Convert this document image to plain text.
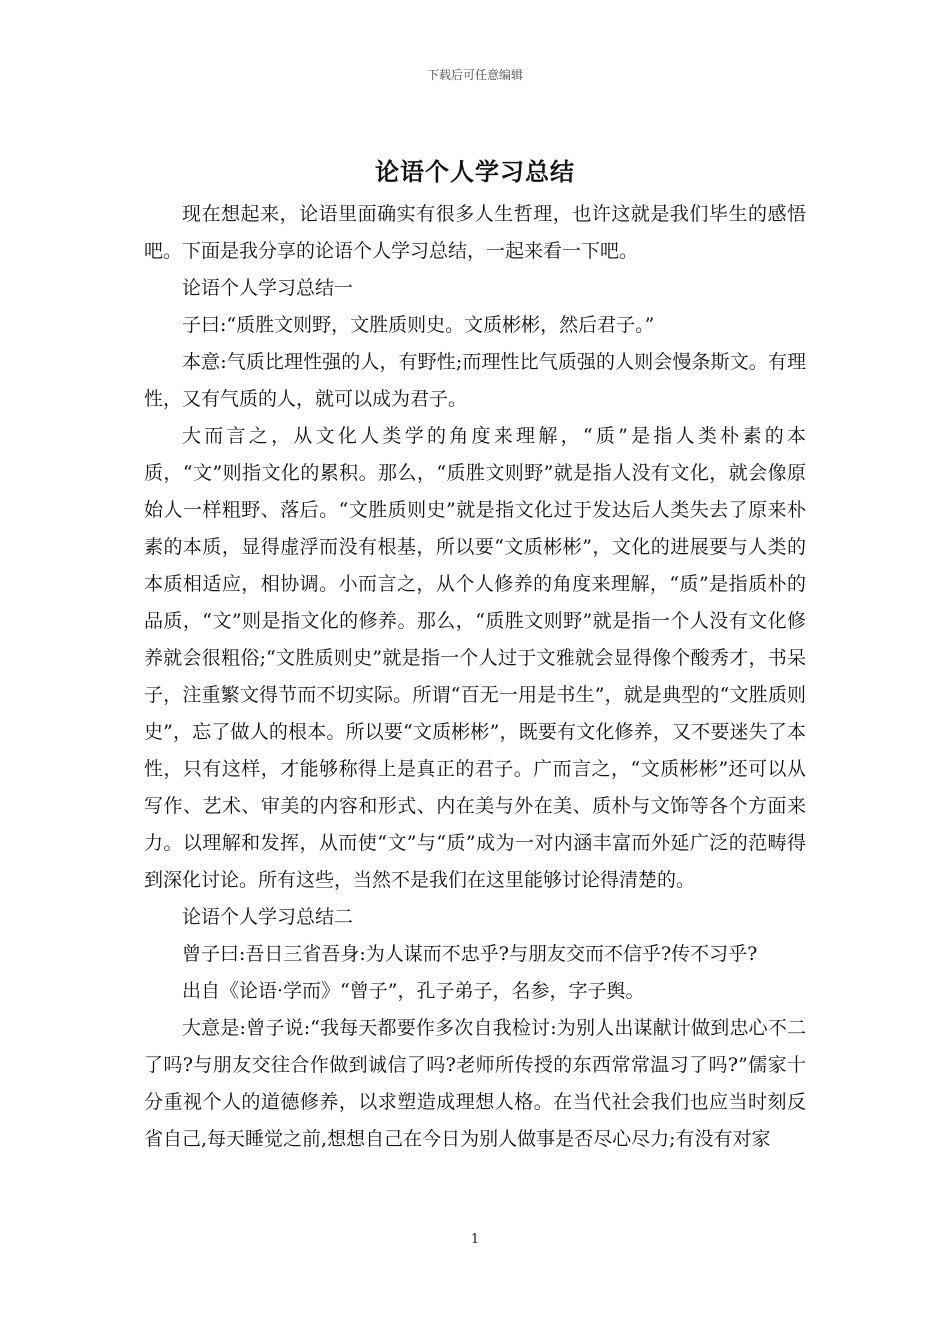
下载后可任意编辑
论语个人学习总结

现在想起来，论语里面确实有很多人生哲理，也许这就是我们毕生的感悟吧。下面是我分享的论语个人学习总结，一起来看一下吧。

论语个人学习总结一

子曰:“质胜文则野，文胜质则史。文质彬彬，然后君子。”

本意:气质比理性强的人，有野性;而理性比气质强的人则会慢条斯文。有理性，又有气质的人，就可以成为君子。

大而言之，从文化人类学的角度来理解，“质”是指人类朴素的本质，“文”则指文化的累积。那么，“质胜文则野”就是指人没有文化，就会像原始人一样粗野、落后。“文胜质则史”就是指文化过于发达后人类失去了原来朴素的本质，显得虚浮而没有根基，所以要“文质彬彬”，文化的进展要与人类的本质相适应，相协调。小而言之，从个人修养的角度来理解，“质”是指质朴的品质，“文”则是指文化的修养。那么，“质胜文则野”就是指一个人没有文化修养就会很粗俗;“文胜质则史”就是指一个人过于文雅就会显得像个酸秀才，书呆子，注重繁文得节而不切实际。所谓“百无一用是书生”，就是典型的“文胜质则史”，忘了做人的根本。所以要“文质彬彬”，既要有文化修养，又不要迷失了本性，只有这样，才能够称得上是真正的君子。广而言之，“文质彬彬”还可以从写作、艺术、审美的内容和形式、内在美与外在美、质朴与文饰等各个方面来力。以理解和发挥，从而使“文”与“质”成为一对内涵丰富而外延广泛的范畴得到深化讨论。所有这些，当然不是我们在这里能够讨论得清楚的。

论语个人学习总结二

曾子曰:吾日三省吾身:为人谋而不忠乎?与朋友交而不信乎?传不习乎?

出自《论语·学而》“曾子”，孔子弟子，名参，字子舆。

大意是:曾子说:“我每天都要作多次自我检讨:为别人出谋献计做到忠心不二了吗?与朋友交往合作做到诚信了吗?老师所传授的东西常常温习了吗?”儒家十分重视个人的道德修养，以求塑造成理想人格。在当代社会我们也应当时刻反省自己,每天睡觉之前,想想自己在今日为别人做事是否尽心尽力;有没有对家

1
